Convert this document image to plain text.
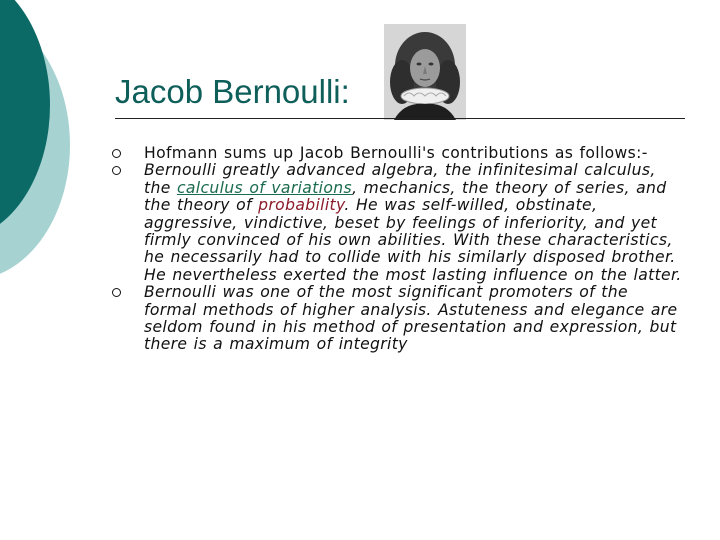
Jacob Bernoulli:
Hofmann sums up Jacob Bernoulli's contributions as follows:-
Bernoulli greatly advanced algebra, the infinitesimal calculus, the calculus of variations, mechanics, the theory of series, and the theory of probability. He was self-willed, obstinate, aggressive, vindictive, beset by feelings of inferiority, and yet firmly convinced of his own abilities. With these characteristics, he necessarily had to collide with his similarly disposed brother. He nevertheless exerted the most lasting influence on the latter.
Bernoulli was one of the most significant promoters of the formal methods of higher analysis. Astuteness and elegance are seldom found in his method of presentation and expression, but there is a maximum of integrity
